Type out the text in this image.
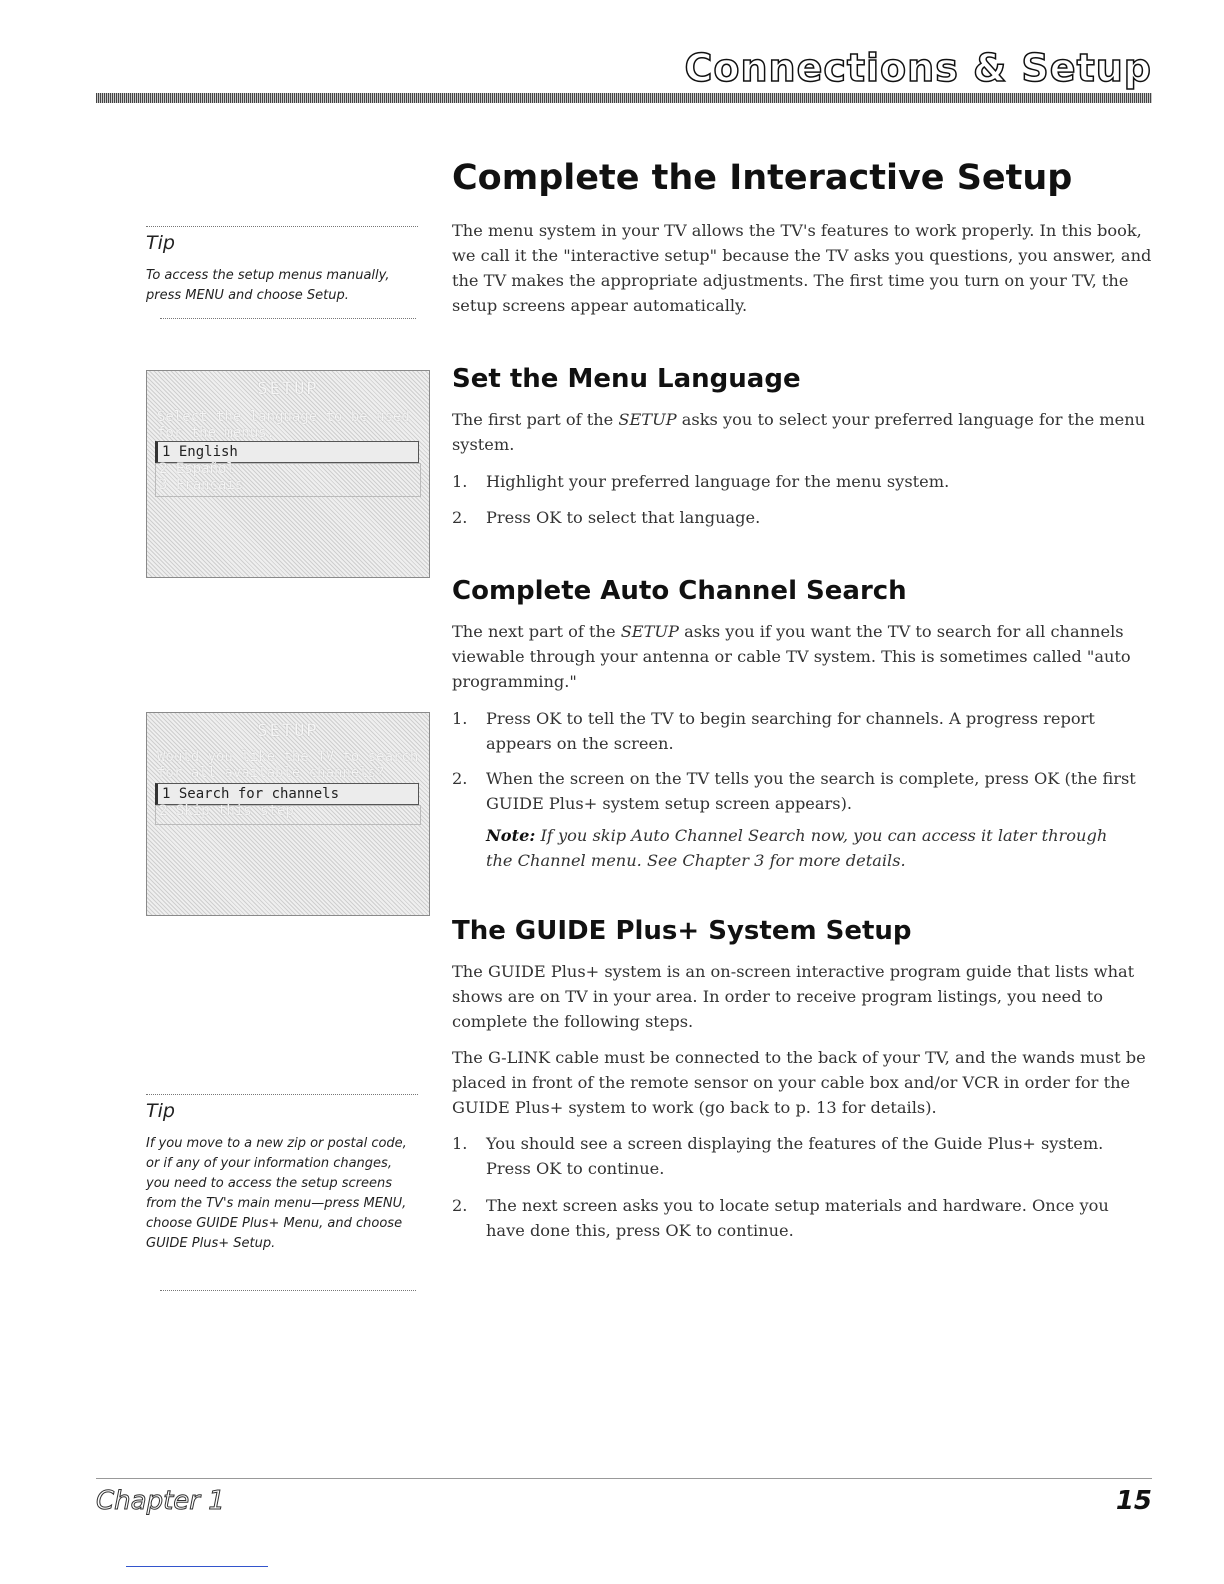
Connections & Setup
Complete the Interactive Setup

The menu system in your TV allows the TV's features to work properly. In this book, we call it the "interactive setup" because the TV asks you questions, you answer, and the TV makes the appropriate adjustments. The first time you turn on your TV, the setup screens appear automatically.

Tip
To access the setup menus manually, press MENU and choose Setup.
SETUP
Select the language to be used
for the menus.
1 English
2 Español
3 Français
Set the Menu Language

The first part of the SETUP asks you to select your preferred language for the menu system.

1. Highlight your preferred language for the menu system.
2. Press OK to select that language.
Complete Auto Channel Search

The next part of the SETUP asks you if you want the TV to search for all channels viewable through your antenna or cable TV system. This is sometimes called "auto programming."

1. Press OK to tell the TV to begin searching for channels. A progress report appears on the screen.
2. When the screen on the TV tells you the search is complete, press OK (the first GUIDE Plus+ system setup screen appears).

Note: If you skip Auto Channel Search now, you can access it later through the Channel menu. See Chapter 3 for more details.

SETUP
Would you like the TV to search
for all available channels?
1 Search for channels
2 Skip this step
The GUIDE Plus+ System Setup

The GUIDE Plus+ system is an on-screen interactive program guide that lists what shows are on TV in your area. In order to receive program listings, you need to complete the following steps.

The G-LINK cable must be connected to the back of your TV, and the wands must be placed in front of the remote sensor on your cable box and/or VCR in order for the GUIDE Plus+ system to work (go back to p. 13 for details).

1. You should see a screen displaying the features of the Guide Plus+ system. Press OK to continue.
2. The next screen asks you to locate setup materials and hardware. Once you have done this, press OK to continue.
Tip
If you move to a new zip or postal code, or if any of your information changes, you need to access the setup screens from the TV's main menu—press MENU, choose GUIDE Plus+ Menu, and choose GUIDE Plus+ Setup.
Chapter 1	15
